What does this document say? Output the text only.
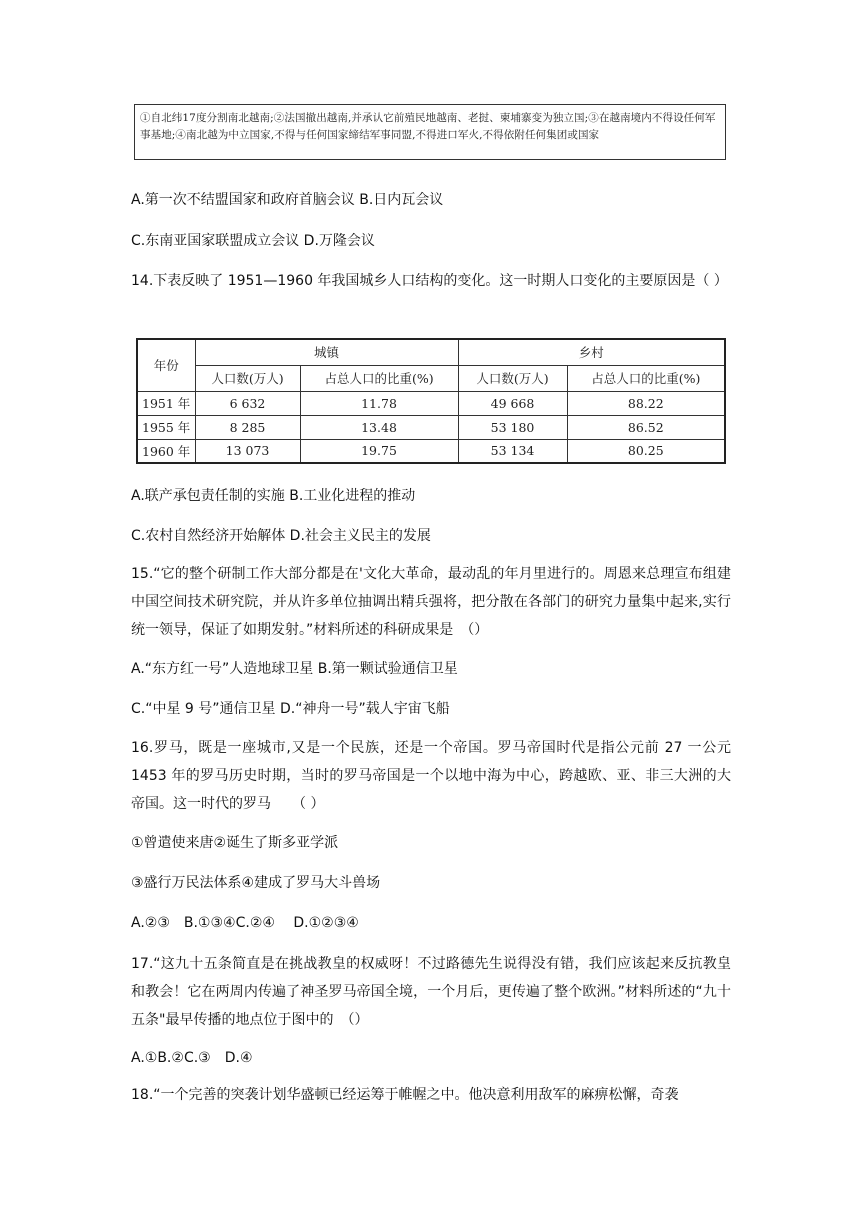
①自北纬17度分割南北越南;②法国撤出越南,并承认它前殖民地越南、老挝、柬埔寨变为独立国;③在越南境内不得设任何军事基地;④南北越为中立国家,不得与任何国家缔结军事同盟,不得进口军火,不得依附任何集团或国家
A.第一次不结盟国家和政府首脑会议 B.日内瓦会议
C.东南亚国家联盟成立会议 D.万隆会议
14.下表反映了 1951—1960 年我国城乡人口结构的变化。这一时期人口变化的主要原因是（ ）
年份	城镇		乡村	
	人口数(万人)	占总人口的比重(%)	人口数(万人)	占总人口的比重(%)
1951 年	6 632	11.78	49 668	88.22
1955 年	8 285	13.48	53 180	86.52
1960 年	13 073	19.75	53 134	80.25
A.联产承包责任制的实施 B.工业化进程的推动
C.农村自然经济开始解体 D.社会主义民主的发展
15.“它的整个研制工作大部分都是在'文化大革命，最动乱的年月里进行的。周恩来总理宣布组建中国空间技术研究院，并从许多单位抽调出精兵强将，把分散在各部门的研究力量集中起来,实行统一领导，保证了如期发射。”材料所述的科研成果是　（）
A.“东方红一号”人造地球卫星 B.第一颗试验通信卫星
C.“中星 9 号”通信卫星 D.“神舟一号”载人宇宙飞船
16.罗马，既是一座城市,又是一个民族，还是一个帝国。罗马帝国时代是指公元前 27 一公元 1453 年的罗马历史时期，当时的罗马帝国是一个以地中海为中心，跨越欧、亚、非三大洲的大帝国。这一时代的罗马　　（ ）
①曾遣使来唐②诞生了斯多亚学派
③盛行万民法体系④建成了罗马大斗兽场
A.②③　B.①③④C.②④　 D.①②③④
17.“这九十五条简直是在挑战教皇的权威呀！不过路德先生说得没有错，我们应该起来反抗教皇和教会！它在两周内传遍了神圣罗马帝国全境，一个月后，更传遍了整个欧洲。”材料所述的“九十五条"最早传播的地点位于图中的　（）
A.①B.②C.③　D.④
18.“一个完善的突袭计划华盛顿已经运筹于帷幄之中。他决意利用敌军的麻痹松懈，奇袭
